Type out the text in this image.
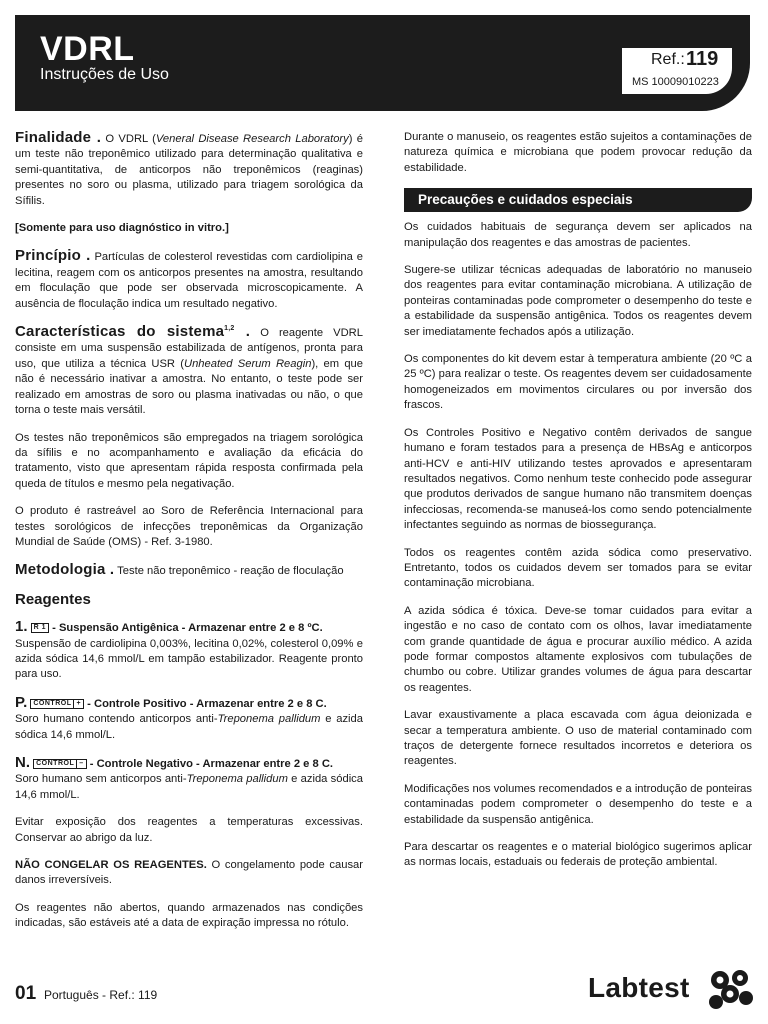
VDRL
Instruções de Uso
Ref.: 119
MS 10009010223

Finalidade . O VDRL (Veneral Disease Research Laboratory) é um teste não treponêmico utilizado para determinação qualitativa e semi-quantitativa, de anticorpos não treponêmicos (reaginas) presentes no soro ou plasma, utilizado para triagem sorológica da Sífilis.

[Somente para uso diagnóstico in vitro.]

Princípio . Partículas de colesterol revestidas com cardiolipina e lecitina, reagem com os anticorpos presentes na amostra, resultando em floculação que pode ser observada microscopicamente. A ausência de floculação indica um resultado negativo.

Características do sistema$^{1,2}$ . O reagente VDRL consiste em uma suspensão estabilizada de antígenos, pronta para uso, que utiliza a técnica USR (Unheated Serum Reagin), em que não é necessário inativar a amostra. No entanto, o teste pode ser realizado em amostras de soro ou plasma inativadas ou não, o que torna o teste mais versátil.

Os testes não treponêmicos são empregados na triagem sorológica da sífilis e no acompanhamento e avaliação da eficácia do tratamento, visto que apresentam rápida resposta confirmada pela queda de títulos e mesmo pela negativação.

O produto é rastreável ao Soro de Referência Internacional para testes sorológicos de infecções treponêmicas da Organização Mundial de Saúde (OMS) - Ref. 3-1980.

Metodologia . Teste não treponêmico - reação de floculação

Reagentes

1. R 1 - Suspensão Antigênica - Armazenar entre 2 e 8 ºC.
Suspensão de cardiolipina 0,003%, lecitina 0,02%, colesterol 0,09% e azida sódica 14,6 mmol/L em tampão estabilizador. Reagente pronto para uso.

P. CONTROL + - Controle Positivo - Armazenar entre 2 e 8 C.
Soro humano contendo anticorpos anti-Treponema pallidum e azida sódica 14,6 mmol/L.

N. CONTROL – - Controle Negativo - Armazenar entre 2 e 8 C.
Soro humano sem anticorpos anti-Treponema pallidum e azida sódica 14,6 mmol/L.

Evitar exposição dos reagentes a temperaturas excessivas. Conservar ao abrigo da luz.

NÃO CONGELAR OS REAGENTES. O congelamento pode causar danos irreversíveis.

Os reagentes não abertos, quando armazenados nas condições indicadas, são estáveis até a data de expiração impressa no rótulo.

Durante o manuseio, os reagentes estão sujeitos a contaminações de natureza química e microbiana que podem provocar redução da estabilidade.

Precauções e cuidados especiais

Os cuidados habituais de segurança devem ser aplicados na manipulação dos reagentes e das amostras de pacientes.

Sugere-se utilizar técnicas adequadas de laboratório no manuseio dos reagentes para evitar contaminação microbiana. A utilização de ponteiras contaminadas pode comprometer o desempenho do teste e a estabilidade da suspensão antigênica. Todos os reagentes devem ser imediatamente fechados após a utilização.

Os componentes do kit devem estar à temperatura ambiente (20 ºC a 25 ºC) para realizar o teste. Os reagentes devem ser cuidadosamente homogeneizados em movimentos circulares ou por inversão dos frascos.

Os Controles Positivo e Negativo contêm derivados de sangue humano e foram testados para a presença de HBsAg e anticorpos anti-HCV e anti-HIV utilizando testes aprovados e apresentaram resultados negativos. Como nenhum teste conhecido pode assegurar que produtos derivados de sangue humano não transmitem doenças infecciosas, recomenda-se manuseá-los como sendo potencialmente infectantes seguindo as normas de biossegurança.

Todos os reagentes contêm azida sódica como preservativo. Entretanto, todos os cuidados devem ser tomados para se evitar contaminação microbiana.

A azida sódica é tóxica. Deve-se tomar cuidados para evitar a ingestão e no caso de contato com os olhos, lavar imediatamente com grande quantidade de água e procurar auxílio médico. A azida pode formar compostos altamente explosivos com tubulações de chumbo ou cobre. Utilizar grandes volumes de água para descartar os reagentes.

Lavar exaustivamente a placa escavada com água deionizada e secar a temperatura ambiente. O uso de material contaminado com traços de detergente fornece resultados incorretos e deteriora os reagentes.

Modificações nos volumes recomendados e a introdução de ponteiras contaminadas podem comprometer o desempenho do teste e a estabilidade da suspensão antigênica.

Para descartar os reagentes e o material biológico sugerimos aplicar as normas locais, estaduais ou federais de proteção ambiental.

01 Português - Ref.: 119	Labtest
